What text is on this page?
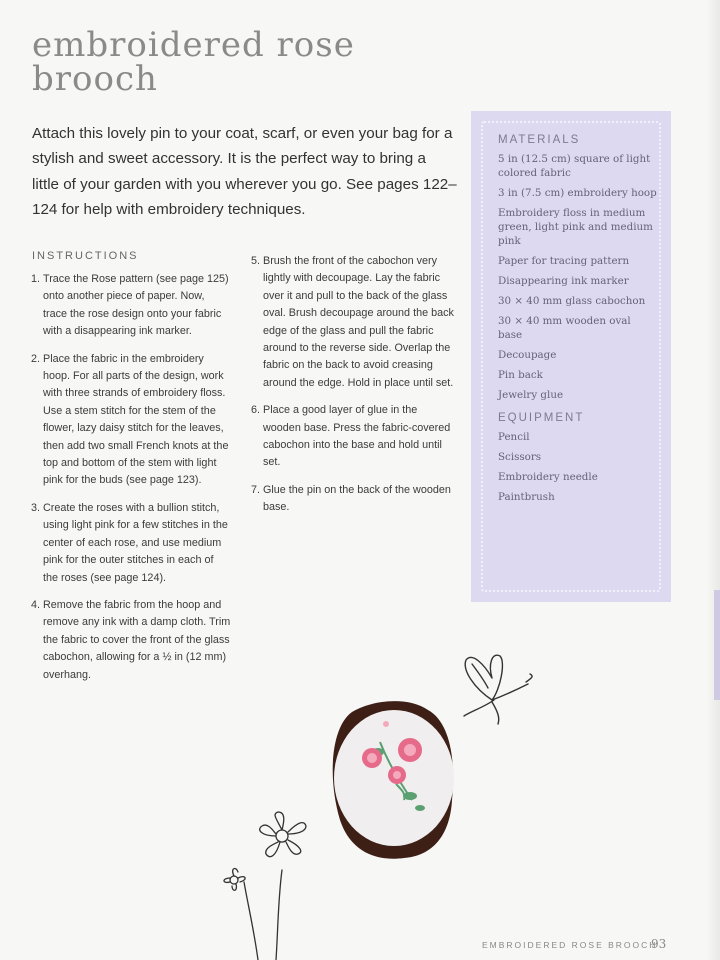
embroidered rose
brooch

Attach this lovely pin to your coat, scarf, or even your bag for a stylish and sweet accessory. It is the perfect way to bring a little of your garden with you wherever you go. See pages 122–124 for help with embroidery techniques.

INSTRUCTIONS

1. Trace the Rose pattern (see page 125) onto another piece of paper. Now, trace the rose design onto your fabric with a disappearing ink marker.
2. Place the fabric in the embroidery hoop. For all parts of the design, work with three strands of embroidery floss. Use a stem stitch for the stem of the flower, lazy daisy stitch for the leaves, then add two small French knots at the top and bottom of the stem with light pink for the buds (see page 123).
3. Create the roses with a bullion stitch, using light pink for a few stitches in the center of each rose, and use medium pink for the outer stitches in each of the roses (see page 124).
4. Remove the fabric from the hoop and remove any ink with a damp cloth. Trim the fabric to cover the front of the glass cabochon, allowing for a ½ in (12 mm) overhang.
5. Brush the front of the cabochon very lightly with decoupage. Lay the fabric over it and pull to the back of the glass oval. Brush decoupage around the back edge of the glass and pull the fabric around to the reverse side. Overlap the fabric on the back to avoid creasing around the edge. Hold in place until set.
6. Place a good layer of glue in the wooden base. Press the fabric-covered cabochon into the base and hold until set.
7. Glue the pin on the back of the wooden base.

MATERIALS

5 in (12.5 cm) square of light colored fabric
3 in (7.5 cm) embroidery hoop
Embroidery floss in medium green, light pink and medium pink
Paper for tracing pattern
Disappearing ink marker
30 × 40 mm glass cabochon
30 × 40 mm wooden oval base
Decoupage
Pin back
Jewelry glue

EQUIPMENT

Pencil
Scissors
Embroidery needle
Paintbrush
EMBROIDERED ROSE BROOCH
93
